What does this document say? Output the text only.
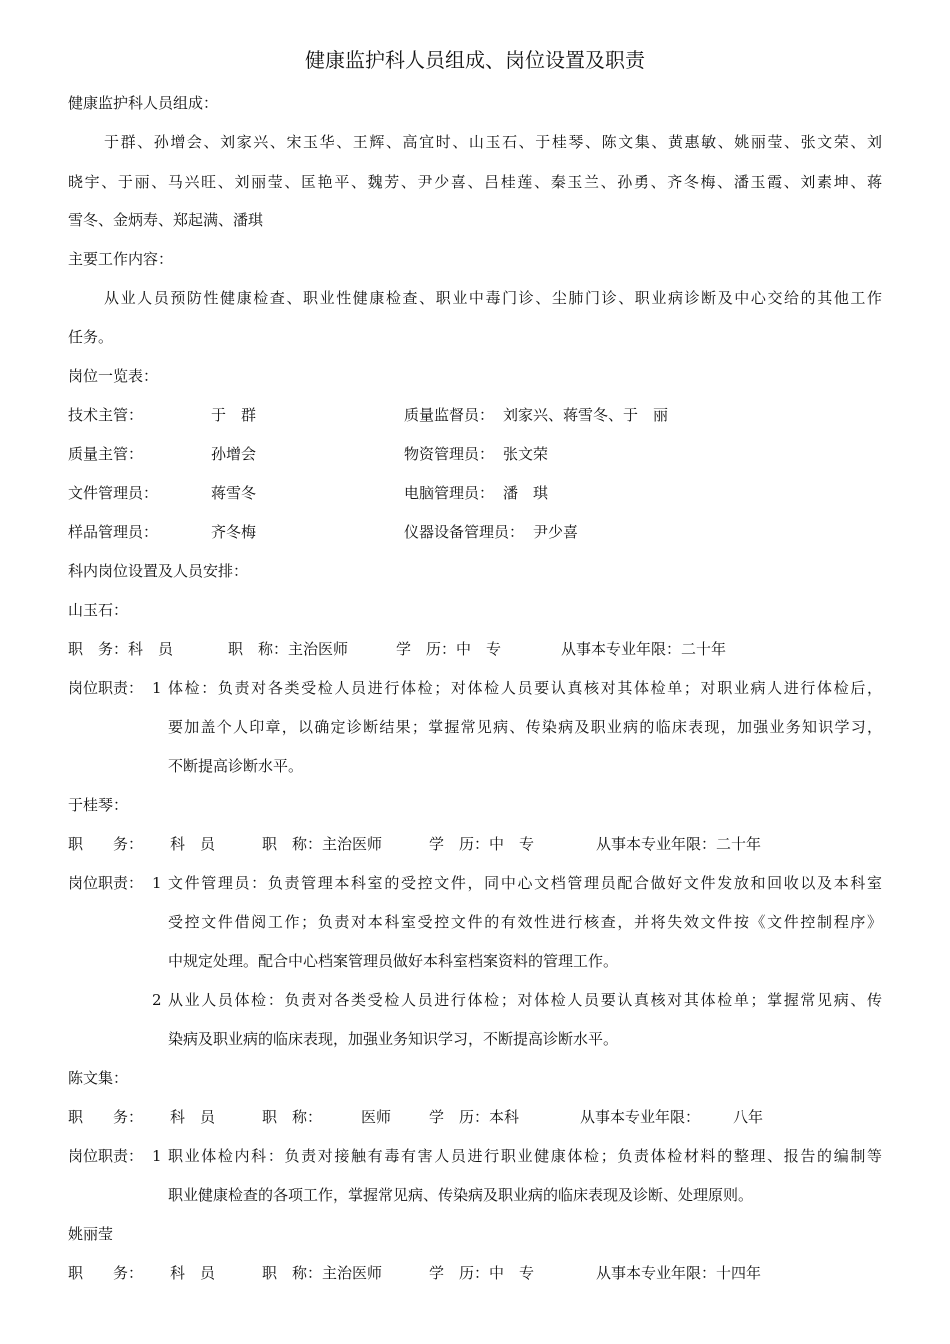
健康监护科人员组成、岗位设置及职责
健康监护科人员组成：
于群、孙增会、刘家兴、宋玉华、王辉、高宜时、山玉石、于桂琴、陈文集、黄惠敏、姚丽莹、张文荣、刘
晓宇、于丽、马兴旺、刘丽莹、匡艳平、魏芳、尹少喜、吕桂莲、秦玉兰、孙勇、齐冬梅、潘玉霞、刘素坤、蒋
雪冬、金炳寿、郑起满、潘琪
主要工作内容：
从业人员预防性健康检查、职业性健康检查、职业中毒门诊、尘肺门诊、职业病诊断及中心交给的其他工作
任务。
岗位一览表：
技术主管：	于　群	质量监督员： 刘家兴、蒋雪冬、于　丽
质量主管：	孙增会	物资管理员： 张文荣
文件管理员：	蒋雪冬	电脑管理员： 潘　琪
样品管理员：	齐冬梅	仪器设备管理员： 尹少喜
科内岗位设置及人员安排：
山玉石：
职　务：科　员	职　称：主治医师	学　历：中　专	从事本专业年限：二十年
岗位职责： 1 体检：负责对各类受检人员进行体检；对体检人员要认真核对其体检单；对职业病人进行体检后，
要加盖个人印章，以确定诊断结果；掌握常见病、传染病及职业病的临床表现，加强业务知识学习，
不断提高诊断水平。
于桂琴：
职　　务： 科　员	职　称：主治医师	学　历：中　专	从事本专业年限：二十年
岗位职责： 1 文件管理员：负责管理本科室的受控文件，同中心文档管理员配合做好文件发放和回收以及本科室
受控文件借阅工作；负责对本科室受控文件的有效性进行核查，并将失效文件按《文件控制程序》
中规定处理。配合中心档案管理员做好本科室档案资料的管理工作。
2 从业人员体检：负责对各类受检人员进行体检；对体检人员要认真核对其体检单；掌握常见病、传
染病及职业病的临床表现，加强业务知识学习，不断提高诊断水平。
陈文集：
职　　务： 科　员	职　称：	医师	学　历：本科	从事本专业年限： 八年
岗位职责： 1 职业体检内科：负责对接触有毒有害人员进行职业健康体检；负责体检材料的整理、报告的编制等
职业健康检查的各项工作，掌握常见病、传染病及职业病的临床表现及诊断、处理原则。
姚丽莹
职　　务： 科　员	职　称：主治医师	学　历：中　专	从事本专业年限：十四年
